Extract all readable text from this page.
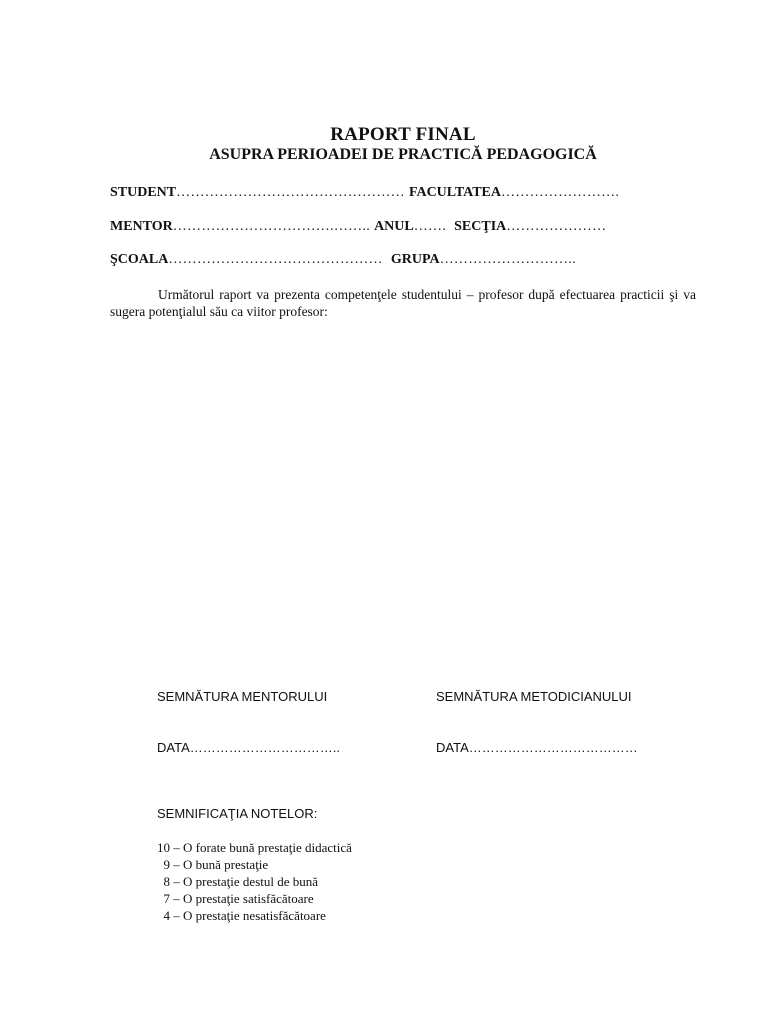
RAPORT FINAL
ASUPRA PERIOADEI DE PRACTICĂ PEDAGOGICĂ
STUDENT………………………………………… FACULTATEA…………………….
MENTOR…………………………….…….. ANUL……. SECŢIA…………………
ŞCOALA……………………………………… GRUPA………………………..
Următorul raport va prezenta competenţele studentului – profesor după efectuarea practicii şi va sugera potenţialul său ca viitor profesor:
SEMNĂTURA MENTORULUI	SEMNĂTURA METODICIANULUI
DATA……………………………..	DATA…………………………………
SEMNIFICAŢIA NOTELOR:
10 – O forate bună prestaţie didactică
9 – O bună prestaţie
8 – O prestaţie destul de bună
7 – O prestaţie satisfăcătoare
4 – O prestaţie nesatisfăcătoare
